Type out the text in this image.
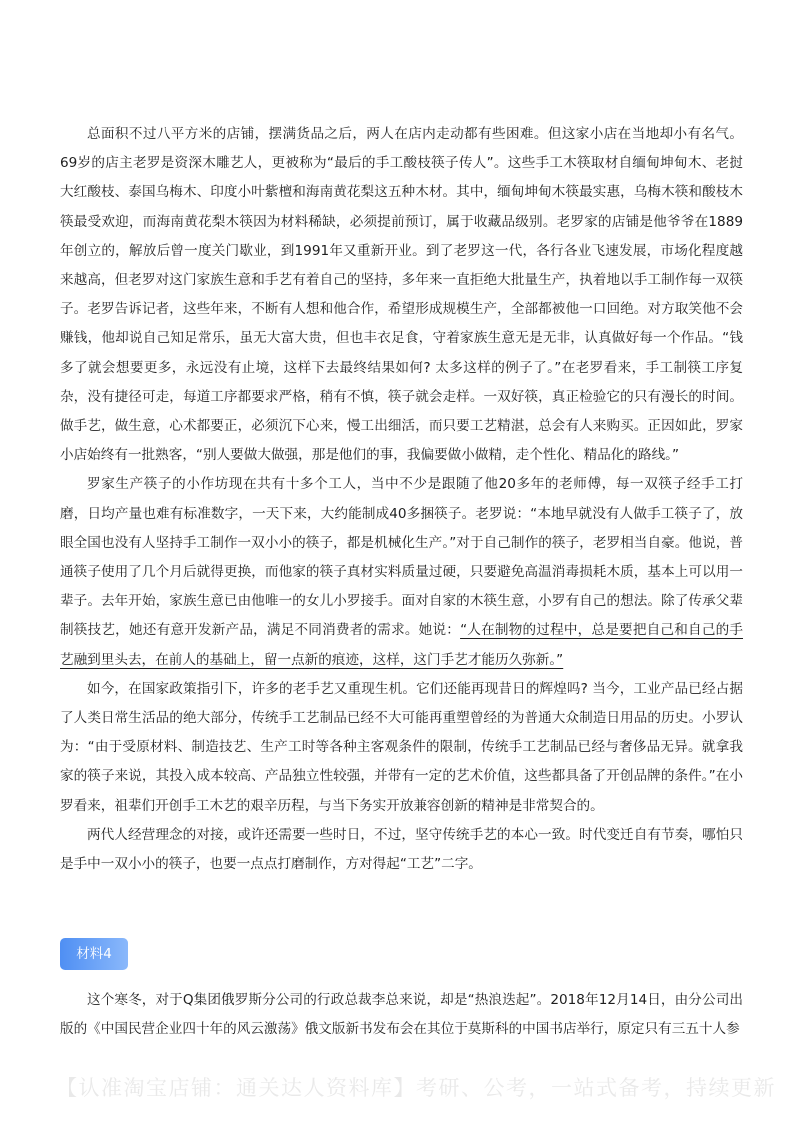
总面积不过八平方米的店铺，摆满货品之后，两人在店内走动都有些困难。但这家小店在当地却小有名气。69岁的店主老罗是资深木雕艺人，更被称为“最后的手工酸枝筷子传人”。这些手工木筷取材自缅甸坤甸木、老挝大红酸枝、泰国乌梅木、印度小叶紫檀和海南黄花梨这五种木材。其中，缅甸坤甸木筷最实惠，乌梅木筷和酸枝木筷最受欢迎，而海南黄花梨木筷因为材料稀缺，必须提前预订，属于收藏品级别。老罗家的店铺是他爷爷在1889年创立的，解放后曾一度关门歇业，到1991年又重新开业。到了老罗这一代，各行各业飞速发展，市场化程度越来越高，但老罗对这门家族生意和手艺有着自己的坚持，多年来一直拒绝大批量生产，执着地以手工制作每一双筷子。老罗告诉记者，这些年来，不断有人想和他合作，希望形成规模生产，全部都被他一口回绝。对方取笑他不会赚钱，他却说自己知足常乐，虽无大富大贵，但也丰衣足食，守着家族生意无是无非，认真做好每一个作品。“钱多了就会想要更多，永远没有止境，这样下去最终结果如何? 太多这样的例子了。”在老罗看来，手工制筷工序复杂，没有捷径可走，每道工序都要求严格，稍有不慎，筷子就会走样。一双好筷，真正检验它的只有漫长的时间。做手艺，做生意，心术都要正，必须沉下心来，慢工出细活，而只要工艺精湛，总会有人来购买。正因如此，罗家小店始终有一批熟客，“别人要做大做强，那是他们的事，我偏要做小做精，走个性化、精品化的路线。”

罗家生产筷子的小作坊现在共有十多个工人，当中不少是跟随了他20多年的老师傅，每一双筷子经手工打磨，日均产量也难有标准数字，一天下来，大约能制成40多捆筷子。老罗说：“本地早就没有人做手工筷子了，放眼全国也没有人坚持手工制作一双小小的筷子，都是机械化生产。”对于自己制作的筷子，老罗相当自豪。他说，普通筷子使用了几个月后就得更换，而他家的筷子真材实料质量过硬，只要避免高温消毒损耗木质，基本上可以用一辈子。去年开始，家族生意已由他唯一的女儿小罗接手。面对自家的木筷生意，小罗有自己的想法。除了传承父辈制筷技艺，她还有意开发新产品，满足不同消费者的需求。她说：“人在制物的过程中，总是要把自己和自己的手艺融到里头去，在前人的基础上，留一点新的痕迹，这样，这门手艺才能历久弥新。”

如今，在国家政策指引下，许多的老手艺又重现生机。它们还能再现昔日的辉煌吗? 当今，工业产品已经占据了人类日常生活品的绝大部分，传统手工艺制品已经不大可能再重塑曾经的为普通大众制造日用品的历史。小罗认为：“由于受原材料、制造技艺、生产工时等各种主客观条件的限制，传统手工艺制品已经与奢侈品无异。就拿我家的筷子来说，其投入成本较高、产品独立性较强，并带有一定的艺术价值，这些都具备了开创品牌的条件。”在小罗看来，祖辈们开创手工木艺的艰辛历程，与当下务实开放兼容创新的精神是非常契合的。

两代人经营理念的对接，或许还需要一些时日，不过，坚守传统手艺的本心一致。时代变迁自有节奏，哪怕只是手中一双小小的筷子，也要一点点打磨制作，方对得起“工艺”二字。

材料4

这个寒冬，对于Q集团俄罗斯分公司的行政总裁李总来说，却是“热浪迭起”。2018年12月14日，由分公司出版的《中国民营企业四十年的风云激荡》俄文版新书发布会在其位于莫斯科的中国书店举行，原定只有三五十人参

【认准淘宝店铺：通关达人资料库】考研、公考，一站式备考，持续更新
